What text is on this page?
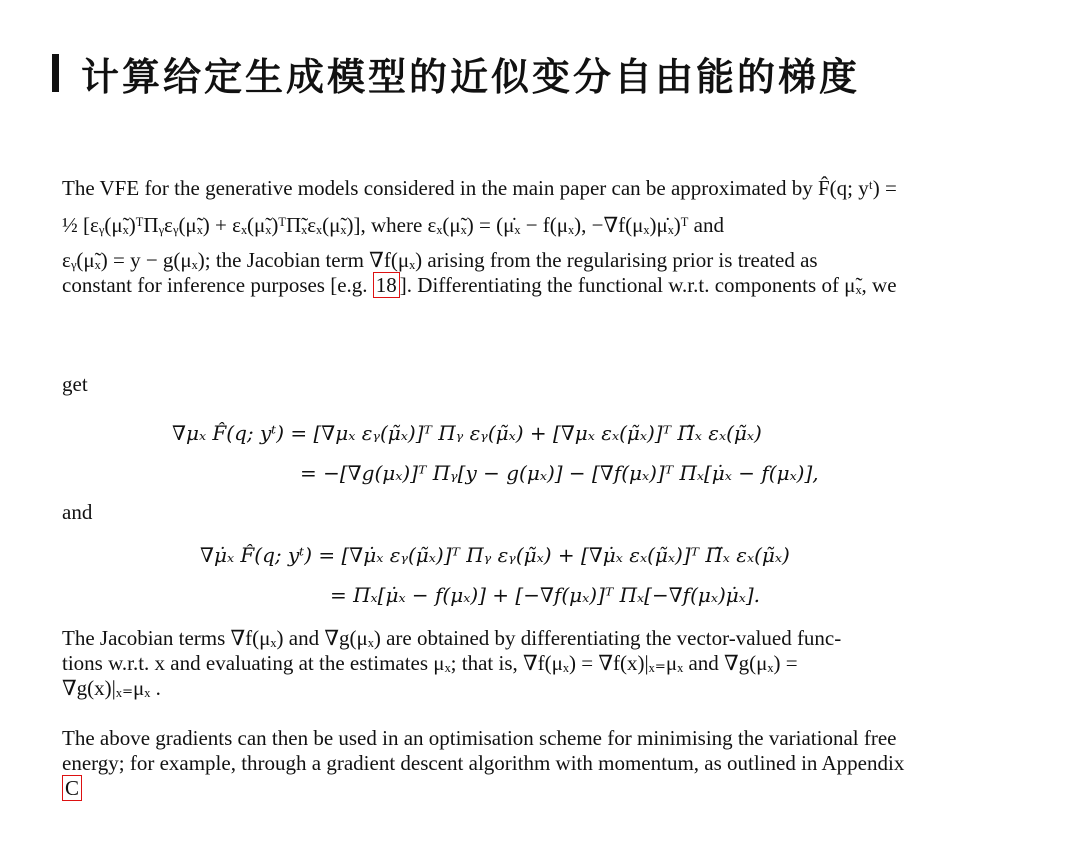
计算给定生成模型的近似变分自由能的梯度
The VFE for the generative models considered in the main paper can be approximated by F̂(q; yᵗ) =
½ [εᵧ(μ̃ₓ)ᵀΠᵧεᵧ(μ̃ₓ) + εₓ(μ̃ₓ)ᵀΠ̃ₓεₓ(μ̃ₓ)], where εₓ(μ̃ₓ) = (μ̇ₓ − f(μₓ), −∇f(μₓ)μ̇ₓ)ᵀ and
εᵧ(μ̃ₓ) = y − g(μₓ); the Jacobian term ∇f(μₓ) arising from the regularising prior is treated as
constant for inference purposes [e.g. 18 ]. Differentiating the functional w.r.t. components of μ̃ₓ, we
get
∇μₓ F̂(q; yᵗ) = [∇μₓ εᵧ(μ̃ₓ)]ᵀ Πᵧ εᵧ(μ̃ₓ) + [∇μₓ εₓ(μ̃ₓ)]ᵀ Π̃ₓ εₓ(μ̃ₓ)
= −[∇g(μₓ)]ᵀ Πᵧ[y − g(μₓ)] − [∇f(μₓ)]ᵀ Πₓ[μ̇ₓ − f(μₓ)],
and
∇μ̇ₓ F̂(q; yᵗ) = [∇μ̇ₓ εᵧ(μ̃ₓ)]ᵀ Πᵧ εᵧ(μ̃ₓ) + [∇μ̇ₓ εₓ(μ̃ₓ)]ᵀ Π̃ₓ εₓ(μ̃ₓ)
= Πₓ[μ̇ₓ − f(μₓ)] + [−∇f(μₓ)]ᵀ Πₓ[−∇f(μₓ)μ̇ₓ].
The Jacobian terms ∇f(μₓ) and ∇g(μₓ) are obtained by differentiating the vector-valued func-
tions w.r.t. x and evaluating at the estimates μₓ; that is, ∇f(μₓ) = ∇f(x)|ₓ₌μₓ and ∇g(μₓ) =
∇g(x)|ₓ₌μₓ .
The above gradients can then be used in an optimisation scheme for minimising the variational free
energy; for example, through a gradient descent algorithm with momentum, as outlined in Appendix
C
